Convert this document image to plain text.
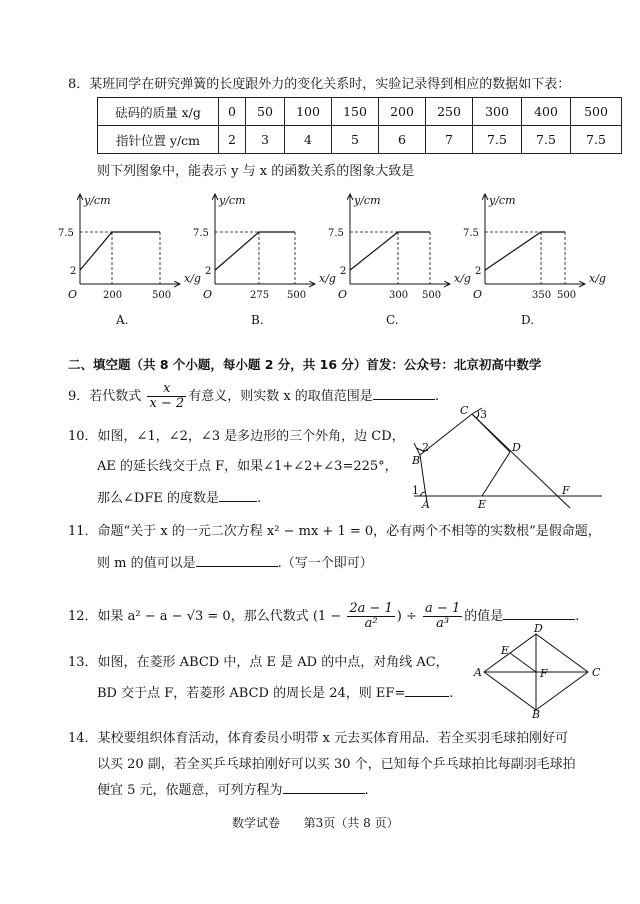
8．某班同学在研究弹簧的长度跟外力的变化关系时，实验记录得到相应的数据如下表：
砝码的质量 x/g	0	50	100	150	200	250	300	400	500
指针位置 y/cm	2	3	4	5	6	7	7.5	7.5	7.5
则下列图象中，能表示 y 与 x 的函数关系的图象大致是
y/cm
x/g
7.5
2
O	200	500
A.
y/cm
x/g
7.5
2
O	275 500
B.
y/cm
x/g
7.5
2
O	300 500
C.
y/cm
x/g
7.5
2
O	350 500
D.
二、填空题（共 8 个小题，每小题 2 分，共 16 分）首发：公众号：北京初高中数学
9．若代数式 $\frac{x}{x - 2}$ 有意义，则实数 x 的取值范围是	.
10．如图，∠1，∠2，∠3 是多边形的三个外角，边 CD，
AE 的延长线交于点 F，如果∠1+∠2+∠3=225°，
那么∠DFE 的度数是	.
C 3
2
B
D
1
A	E
F
11．命题“关于 x 的一元二次方程 x² − mx + 1 = 0，必有两个不相等的实数根”是假命题，
则 m 的值可以是	.（写一个即可）
12．如果 a² − a − √3 = 0，那么代数式 ($1 - \frac{2a - 1}{\text{a²}}$ ) ÷ $\frac{a - 1}{\text{a³}}$ 的值是	.
13．如图，在菱形 ABCD 中，点 E 是 AD 的中点，对角线 AC，
BD 交于点 F，若菱形 ABCD 的周长是 24，则 EF=	.
A
B
C
D
E
F
14．某校要组织体育活动，体育委员小明带 x 元去买体育用品．若全买羽毛球拍刚好可
以买 20 副，若全买乒乓球拍刚好可以买 30 个，已知每个乒乓球拍比每副羽毛球拍
便宜 5 元，依题意，可列方程为	.
数学试卷 第3页（共 8 页）
